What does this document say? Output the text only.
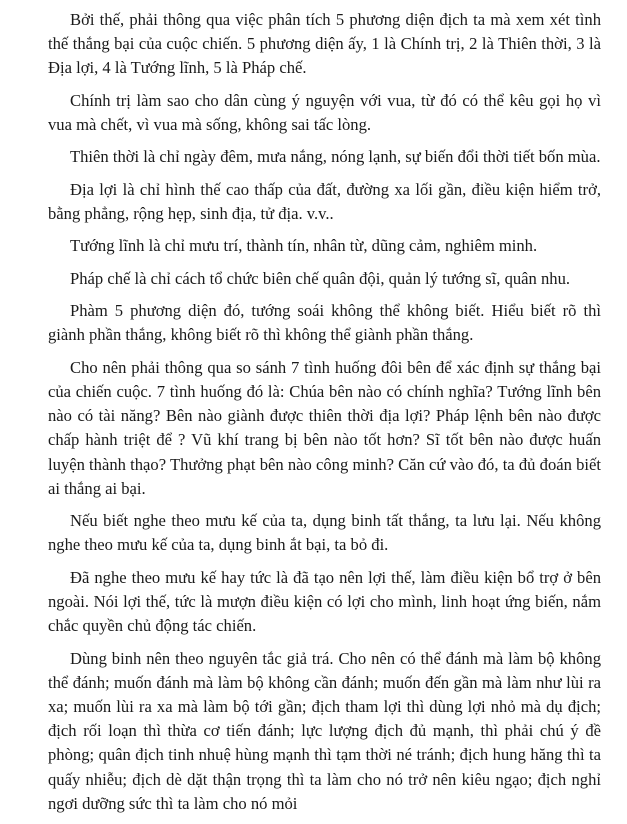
Bởi thế, phải thông qua việc phân tích 5 phương diện địch ta mà xem xét tình thế thắng bại của cuộc chiến. 5 phương diện ấy, 1 là Chính trị, 2 là Thiên thời, 3 là Địa lợi, 4 là Tướng lĩnh, 5 là Pháp chế.

Chính trị làm sao cho dân cùng ý nguyện với vua, từ đó có thể kêu gọi họ vì vua mà chết, vì vua mà sống, không sai tấc lòng.

Thiên thời là chỉ ngày đêm, mưa nắng, nóng lạnh, sự biến đổi thời tiết bốn mùa.

Địa lợi là chỉ hình thế cao thấp của đất, đường xa lối gần, điều kiện hiểm trở, bằng phẳng, rộng hẹp, sinh địa, tử địa. v.v..

Tướng lĩnh là chỉ mưu trí, thành tín, nhân từ, dũng cảm, nghiêm minh.

Pháp chế là chỉ cách tổ chức biên chế quân đội, quản lý tướng sĩ, quân nhu.

Phàm 5 phương diện đó, tướng soái không thể không biết. Hiểu biết rõ thì giành phần thắng, không biết rõ thì không thể giành phần thắng.

Cho nên phải thông qua so sánh 7 tình huống đôi bên để xác định sự thắng bại của chiến cuộc. 7 tình huống đó là: Chúa bên nào có chính nghĩa? Tướng lĩnh bên nào có tài năng? Bên nào giành được thiên thời địa lợi? Pháp lệnh bên nào được chấp hành triệt để ? Vũ khí trang bị bên nào tốt hơn? Sĩ tốt bên nào được huấn luyện thành thạo? Thưởng phạt bên nào công minh? Căn cứ vào đó, ta đủ đoán biết ai thắng ai bại.

Nếu biết nghe theo mưu kế của ta, dụng binh tất thắng, ta lưu lại. Nếu không nghe theo mưu kế của ta, dụng binh ắt bại, ta bỏ đi.

Đã nghe theo mưu kế hay tức là đã tạo nên lợi thế, làm điều kiện bổ trợ ở bên ngoài. Nói lợi thế, tức là mượn điều kiện có lợi cho mình, linh hoạt ứng biến, nắm chắc quyền chủ động tác chiến.

Dùng binh nên theo nguyên tắc giả trá. Cho nên có thể đánh mà làm bộ không thể đánh; muốn đánh mà làm bộ không cần đánh; muốn đến gần mà làm như lùi ra xa; muốn lùi ra xa mà làm bộ tới gần; địch tham lợi thì dùng lợi nhỏ mà dụ địch; địch rối loạn thì thừa cơ tiến đánh; lực lượng địch đủ mạnh, thì phải chú ý đề phòng; quân địch tinh nhuệ hùng mạnh thì tạm thời né tránh; địch hung hăng thì ta quấy nhiễu; địch dè dặt thận trọng thì ta làm cho nó trở nên kiêu ngạo; địch nghỉ ngơi dưỡng sức thì ta làm cho nó mỏi
